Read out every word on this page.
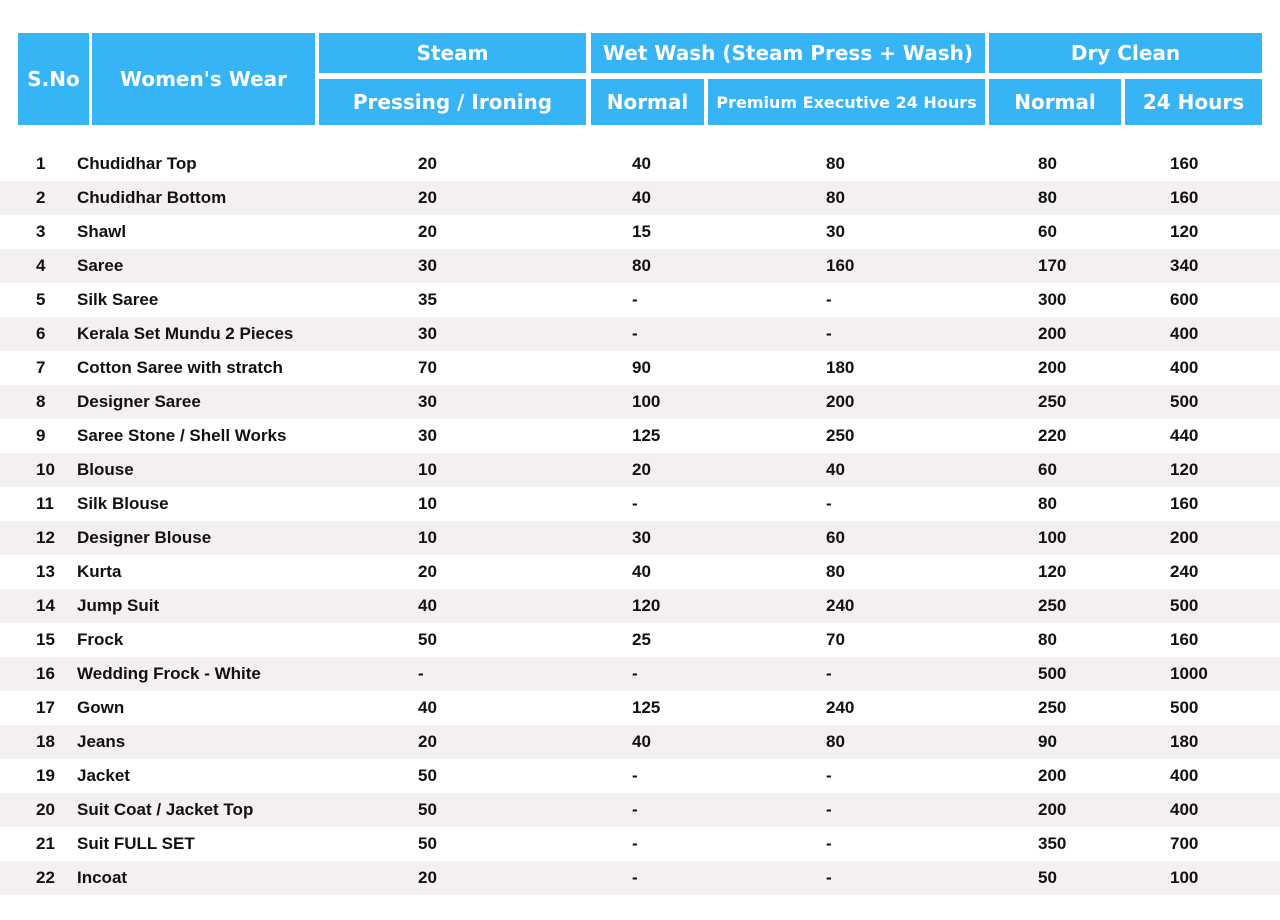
S.No	Women's Wear
Steam
Pressing / Ironing
Wet Wash (Steam Press + Wash)
Normal	Premium Executive 24 Hours
Dry Clean
Normal	24 Hours
1 Chudidhar Top	20	40	80	80	160
2 Chudidhar Bottom	20	40	80	80	160
3 Shawl	20	15	30	60	120
4 Saree	30	80	160	170	340
5 Silk Saree	35	-	-	300	600
6 Kerala Set Mundu 2 Pieces	30	-	-	200	400
7 Cotton Saree with stratch	70	90	180	200	400
8 Designer Saree	30	100	200	250	500
9 Saree Stone / Shell Works	30	125	250	220	440
10 Blouse	10	20	40	60	120
11 Silk Blouse	10	-	-	80	160
12 Designer Blouse	10	30	60	100	200
13 Kurta	20	40	80	120	240
14 Jump Suit	40	120	240	250	500
15 Frock	50	25	70	80	160
16 Wedding Frock - White	-	-	-	500	1000
17 Gown	40	125	240	250	500
18 Jeans	20	40	80	90	180
19 Jacket	50	-	-	200	400
20 Suit Coat / Jacket Top	50	-	-	200	400
21 Suit FULL SET	50	-	-	350	700
22 Incoat	20	-	-	50	100
